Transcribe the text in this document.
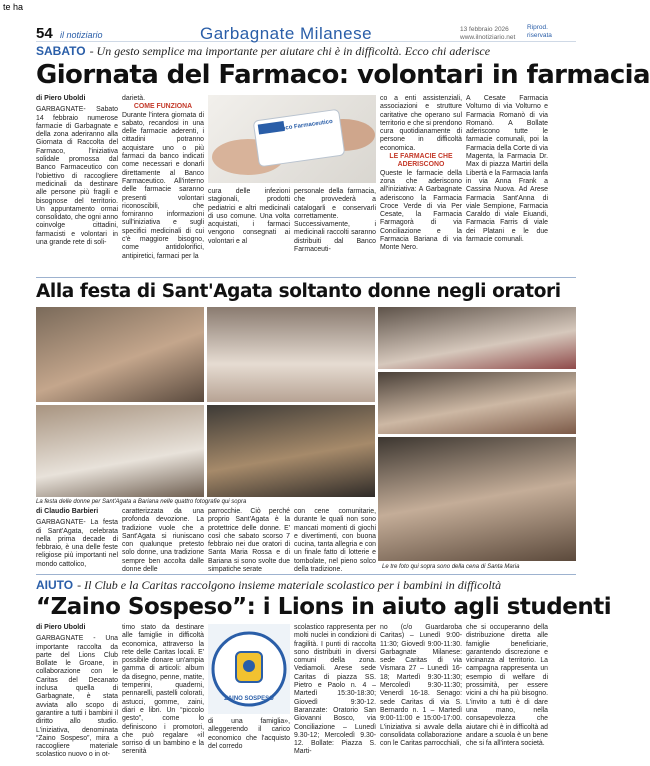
te ha
54 il notiziario	Garbagnate Milanese	13 febbraio 2026
www.ilnotiziario.net
Riprod. riservata
SABATO - Un gesto semplice ma importante per aiutare chi è in difficoltà. Ecco chi aderisce
Giornata del Farmaco: volontari in farmacia
di Piero Uboldi
GARBAGNATE- Sabato 14 febbraio numerose farmacie di Garbagnate e della zona aderiranno alla Giornata di Raccolta del Farmaco, l'iniziativa solidale promossa dal Banco Farmaceutico con l'obiettivo di raccogliere medicinali da destinare alle persone più fragili e bisognose del territorio. Un appuntamento ormai consolidato, che ogni anno coinvolge cittadini, farmacisti e volontari in una grande rete di soli-
darietà.
COME FUNZIONA
Durante l'intera giornata di sabato, recandosi in una delle farmacie aderenti, i cittadini potranno acquistare uno o più farmaci da banco indicati come necessari e donarli direttamente al Banco Farmaceutico. All'interno delle farmacie saranno presenti volontari riconoscibili, che forniranno informazioni sull'iniziativa e sugli specifici medicinali di cui c'è maggiore bisogno, come antidolorifici, antipiretici, farmaci per la
Banco Farmaceutico
cura delle infezioni stagionali, prodotti pediatrici e altri medicinali di uso comune. Una volta acquistati, i farmaci vengono consegnati ai volontari e al
personale della farmacia, che provvederà a catalogarli e conservarli correttamente. Successivamente, i medicinali raccolti saranno distribuiti dal Banco Farmaceuti-
co a enti assistenziali, associazioni e strutture caritative che operano sul territorio e che si prendono cura quotidianamente di persone in difficoltà economica.
LE FARMACIE CHE ADERISCONO
Queste le farmacie della zona che aderiscono all'iniziativa: A Garbagnate aderiscono la Farmacia Croce Verde di via Per Cesate, la Farmacia Farmagorà di via Conciliazione e la Farmacia Bariana di via Monte Nero.
A Cesate Farmacia Volturno di via Volturno e Farmacia Romanò di via Romanò. A Bollate aderiscono tutte le farmacie comunali, poi la Farmacia della Corte di via Magenta, la Farmacia Dr. Max di piazza Martiri della Libertà e la Farmacia Ianfa in via Anna Frank a Cassina Nuova. Ad Arese Farmacia Sant'Anna di viale Sempione, Farmacia Caraldo di viale Eiuandi, Farmacia Farris di viale dei Platani e le due farmacie comunali.
Alla festa di Sant'Agata soltanto donne negli oratori
La festa delle donne per Sant'Agata a Bariana nelle quattro fotografie qui sopra
Le tre foto qui sopra sono della cena di Santa Maria
di Claudio Barbieri
GARBAGNATE- La festa di Sant'Agata, celebrata nella prima decade di febbraio, è una delle feste religiose più importanti nel mondo cattolico,
caratterizzata da una profonda devozione. La tradizione vuole che a Sant'Agata si riuniscano con qualunque pretesto solo donne, una tradizione sempre ben accolta dalle donne delle
parrocchie. Ciò perché proprio Sant'Agata è la protettrice delle donne. E' così che sabato scorso 7 febbraio nei due oratori di Santa Maria Rossa e di Bariana si sono svolte due simpatiche serate
con cene comunitarie, durante le quali non sono mancati momenti di giochi e divertimenti, con buona cucina, tanta allegria e con un finale fatto di lotterie e tombolate, nel pieno solco della tradizione.
AIUTO - Il Club e la Caritas raccolgono insieme materiale scolastico per i bambini in difficoltà
“Zaino Sospeso”: i Lions in aiuto agli studenti
di Piero Uboldi
GARBAGNATE - Una importante raccolta da parte del Lions Club Bollate le Groane, in collaborazione con le Caritas del Decanato inclusa quella di Garbagnate, è stata avviata allo scopo di garantire a tutti i bambini il diritto allo studio. L'iniziativa, denominata “Zaino Sospeso”, mira a raccogliere materiale scolastico nuovo o in ot-
timo stato da destinare alle famiglie in difficoltà economica, attraverso la rete delle Caritas locali. E' possibile donare un'ampia gamma di articoli: album da disegno, penne, matite, temperini, quaderni, pennarelli, pastelli colorati, astucci, gomme, zaini, diari e libri. Un “piccolo gesto”, come lo definiscono i promotori, che può regalare «il sorriso di un bambino e la serenità
ZAINO SOSPESO
di una famiglia», alleggerendo il carico economico che l'acquisto del corredo
scolastico rappresenta per molti nuclei in condizioni di fragilità. I punti di raccolta sono distribuiti in diversi comuni della zona. Vediamoli. Arese sede Caritas di piazza SS. Pietro e Paolo n. 4 – Martedì 15:30-18:30; Giovedì 9:30-12. Baranzate: Oratorio San Giovanni Bosco, via Conciliazione – Lunedì 9.30-12; Mercoledì 9.30-12. Bollate: Piazza S. Marti-
no (c/o Guardaroba Caritas) – Lunedì 9:00-11:30; Giovedì 9:00-11:30. Garbagnate Milanese: sede Caritas di via Vismara 27 – Lunedì 16-18; Martedì 9:30-11:30; Mercoledì 9:30-11:30; Venerdì 16-18. Senago: sede Caritas di via S. Bernardo n. 1 – Martedì 9:00-11:00 e 15:00-17:00. L'iniziativa si avvale della consolidata collaborazione con le Caritas parrocchiali,
che si occuperanno della distribuzione diretta alle famiglie beneficiarie, garantendo discrezione e vicinanza al territorio. La campagna rappresenta un esempio di welfare di prossimità, per essere vicini a chi ha più bisogno. L'invito a tutti è di dare una mano, nella consapevolezza che aiutare chi è in difficoltà ad andare a scuola è un bene che si fa all'intera società.
